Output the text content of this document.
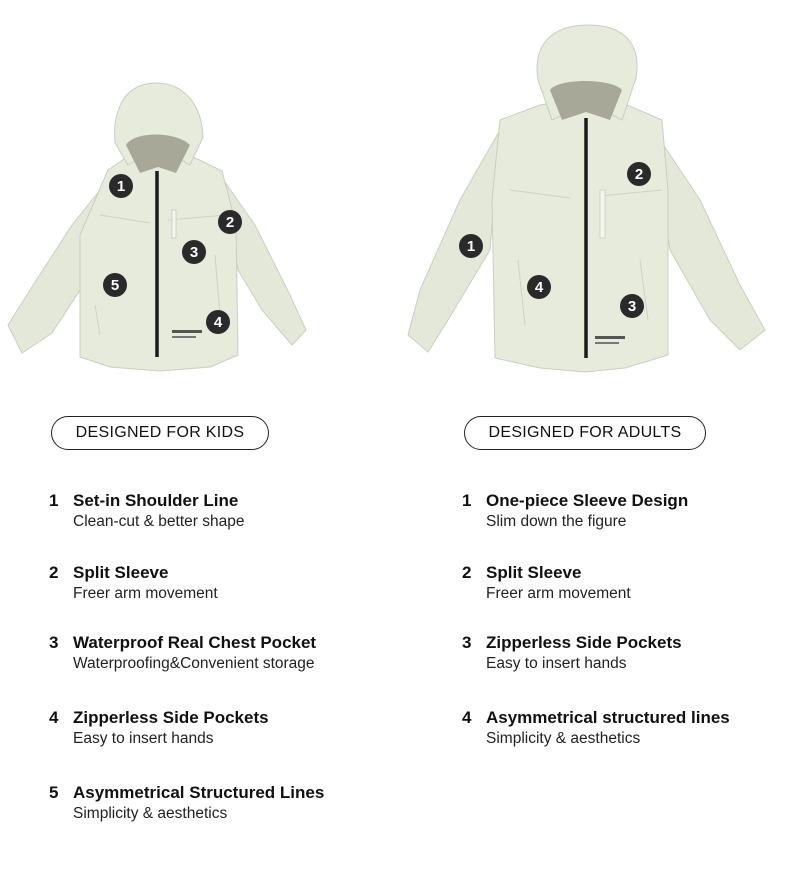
1
2
3
4
5
1
2
3
4
DESIGNED FOR KIDS	DESIGNED FOR ADULTS
1 Set-in Shoulder Line
Clean-cut & better shape
2 Split Sleeve
Freer arm movement
3 Waterproof Real Chest Pocket
Waterproofing&Convenient storage
4 Zipperless Side Pockets
Easy to insert hands
5 Asymmetrical Structured Lines
Simplicity & aesthetics
1 One-piece Sleeve Design
Slim down the figure
2 Split Sleeve
Freer arm movement
3 Zipperless Side Pockets
Easy to insert hands
4 Asymmetrical structured lines
Simplicity & aesthetics
